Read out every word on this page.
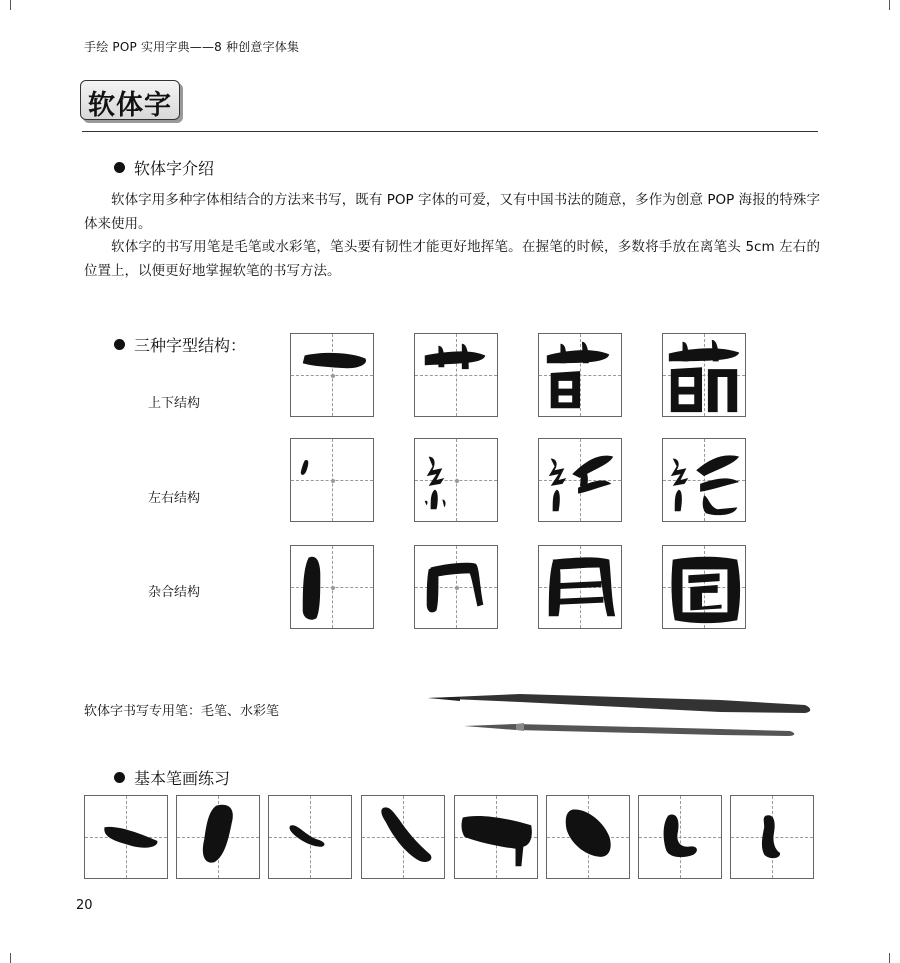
手绘 POP 实用字典——8 种创意字体集
软体字
软体字介绍
软体字用多种字体相结合的方法来书写，既有 POP 字体的可爱，又有中国书法的随意，多作为创意 POP 海报的特殊字体来使用。
软体字的书写用笔是毛笔或水彩笔，笔头要有韧性才能更好地挥笔。在握笔的时候，多数将手放在离笔头 5cm 左右的位置上，以便更好地掌握软笔的书写方法。
三种字型结构：
上下结构
左右结构
杂合结构
软体字书写专用笔：毛笔、水彩笔
基本笔画练习
20
